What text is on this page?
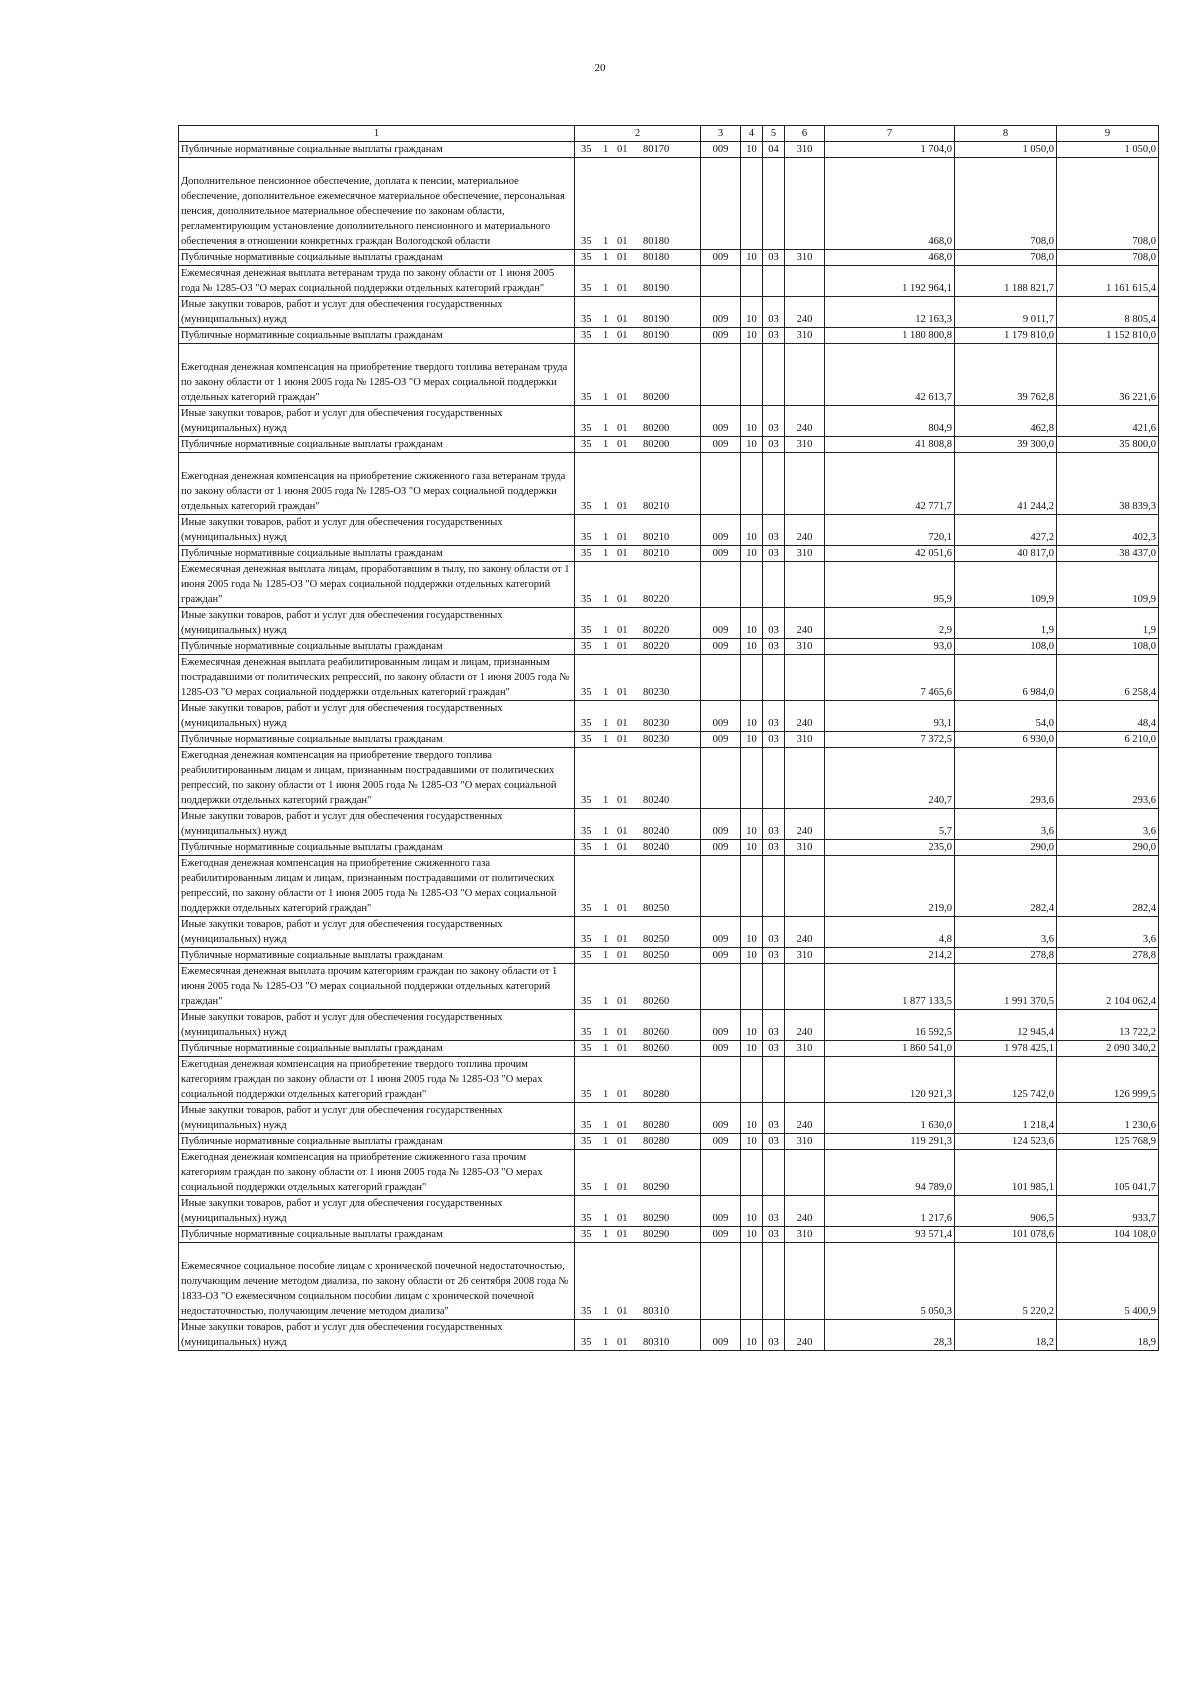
20
1	2	3	4	5	6	7	8	9
Публичные нормативные социальные выплаты гражданам	35 1 01 80170	009	10	04	310	1 704,0	1 050,0	1 050,0
Дополнительное пенсионное обеспечение, доплата к пенсии, материальное обеспечение, дополнительное ежемесячное материальное обеспечение, персональная пенсия, дополнительное материальное обеспечение по законам области, регламентирующим установление дополнительного пенсионного и материального обеспечения в отношении конкретных граждан Вологодской области	35 1 01 80180					468,0	708,0	708,0
Публичные нормативные социальные выплаты гражданам	35 1 01 80180	009	10	03	310	468,0	708,0	708,0
Ежемесячная денежная выплата ветеранам труда по закону области от 1 июня 2005 года № 1285-ОЗ "О мерах социальной поддержки отдельных категорий граждан"	35 1 01 80190					1 192 964,1	1 188 821,7	1 161 615,4
Иные закупки товаров, работ и услуг для обеспечения государственных (муниципальных) нужд	35 1 01 80190	009	10	03	240	12 163,3	9 011,7	8 805,4
Публичные нормативные социальные выплаты гражданам	35 1 01 80190	009	10	03	310	1 180 800,8	1 179 810,0	1 152 810,0
Ежегодная денежная компенсация на приобретение твердого топлива ветеранам труда по закону области от 1 июня 2005 года № 1285-ОЗ "О мерах социальной поддержки отдельных категорий граждан"	35 1 01 80200					42 613,7	39 762,8	36 221,6
Иные закупки товаров, работ и услуг для обеспечения государственных (муниципальных) нужд	35 1 01 80200	009	10	03	240	804,9	462,8	421,6
Публичные нормативные социальные выплаты гражданам	35 1 01 80200	009	10	03	310	41 808,8	39 300,0	35 800,0
Ежегодная денежная компенсация на приобретение сжиженного газа ветеранам труда по закону области от 1 июня 2005 года № 1285-ОЗ "О мерах социальной поддержки отдельных категорий граждан"	35 1 01 80210					42 771,7	41 244,2	38 839,3
Иные закупки товаров, работ и услуг для обеспечения государственных (муниципальных) нужд	35 1 01 80210	009	10	03	240	720,1	427,2	402,3
Публичные нормативные социальные выплаты гражданам	35 1 01 80210	009	10	03	310	42 051,6	40 817,0	38 437,0
Ежемесячная денежная выплата лицам, проработавшим в тылу, по закону области от 1 июня 2005 года № 1285-ОЗ "О мерах социальной поддержки отдельных категорий граждан"	35 1 01 80220					95,9	109,9	109,9
Иные закупки товаров, работ и услуг для обеспечения государственных (муниципальных) нужд	35 1 01 80220	009	10	03	240	2,9	1,9	1,9
Публичные нормативные социальные выплаты гражданам	35 1 01 80220	009	10	03	310	93,0	108,0	108,0
Ежемесячная денежная выплата реабилитированным лицам и лицам, признанным пострадавшими от политических репрессий, по закону области от 1 июня 2005 года № 1285-ОЗ "О мерах социальной поддержки отдельных категорий граждан"	35 1 01 80230					7 465,6	6 984,0	6 258,4
Иные закупки товаров, работ и услуг для обеспечения государственных (муниципальных) нужд	35 1 01 80230	009	10	03	240	93,1	54,0	48,4
Публичные нормативные социальные выплаты гражданам	35 1 01 80230	009	10	03	310	7 372,5	6 930,0	6 210,0
Ежегодная денежная компенсация на приобретение твердого топлива реабилитированным лицам и лицам, признанным пострадавшими от политических репрессий, по закону области от 1 июня 2005 года № 1285-ОЗ "О мерах социальной поддержки отдельных категорий граждан"	35 1 01 80240					240,7	293,6	293,6
Иные закупки товаров, работ и услуг для обеспечения государственных (муниципальных) нужд	35 1 01 80240	009	10	03	240	5,7	3,6	3,6
Публичные нормативные социальные выплаты гражданам	35 1 01 80240	009	10	03	310	235,0	290,0	290,0
Ежегодная денежная компенсация на приобретение сжиженного газа реабилитированным лицам и лицам, признанным пострадавшими от политических репрессий, по закону области от 1 июня 2005 года № 1285-ОЗ "О мерах социальной поддержки отдельных категорий граждан"	35 1 01 80250					219,0	282,4	282,4
Иные закупки товаров, работ и услуг для обеспечения государственных (муниципальных) нужд	35 1 01 80250	009	10	03	240	4,8	3,6	3,6
Публичные нормативные социальные выплаты гражданам	35 1 01 80250	009	10	03	310	214,2	278,8	278,8
Ежемесячная денежная выплата прочим категориям граждан по закону области от 1 июня 2005 года № 1285-ОЗ "О мерах социальной поддержки отдельных категорий граждан"	35 1 01 80260					1 877 133,5	1 991 370,5	2 104 062,4
Иные закупки товаров, работ и услуг для обеспечения государственных (муниципальных) нужд	35 1 01 80260	009	10	03	240	16 592,5	12 945,4	13 722,2
Публичные нормативные социальные выплаты гражданам	35 1 01 80260	009	10	03	310	1 860 541,0	1 978 425,1	2 090 340,2
Ежегодная денежная компенсация на приобретение твердого топлива прочим категориям граждан по закону области от 1 июня 2005 года № 1285-ОЗ "О мерах социальной поддержки отдельных категорий граждан"	35 1 01 80280					120 921,3	125 742,0	126 999,5
Иные закупки товаров, работ и услуг для обеспечения государственных (муниципальных) нужд	35 1 01 80280	009	10	03	240	1 630,0	1 218,4	1 230,6
Публичные нормативные социальные выплаты гражданам	35 1 01 80280	009	10	03	310	119 291,3	124 523,6	125 768,9
Ежегодная денежная компенсация на приобретение сжиженного газа прочим категориям граждан по закону области от 1 июня 2005 года № 1285-ОЗ "О мерах социальной поддержки отдельных категорий граждан"	35 1 01 80290					94 789,0	101 985,1	105 041,7
Иные закупки товаров, работ и услуг для обеспечения государственных (муниципальных) нужд	35 1 01 80290	009	10	03	240	1 217,6	906,5	933,7
Публичные нормативные социальные выплаты гражданам	35 1 01 80290	009	10	03	310	93 571,4	101 078,6	104 108,0
Ежемесячное социальное пособие лицам с хронической почечной недостаточностью, получающим лечение методом диализа, по закону области от 26 сентября 2008 года № 1833-ОЗ "О ежемесячном социальном пособии лицам с хронической почечной недостаточностью, получающим лечение методом диализа"	35 1 01 80310					5 050,3	5 220,2	5 400,9
Иные закупки товаров, работ и услуг для обеспечения государственных (муниципальных) нужд	35 1 01 80310	009	10	03	240	28,3	18,2	18,9
